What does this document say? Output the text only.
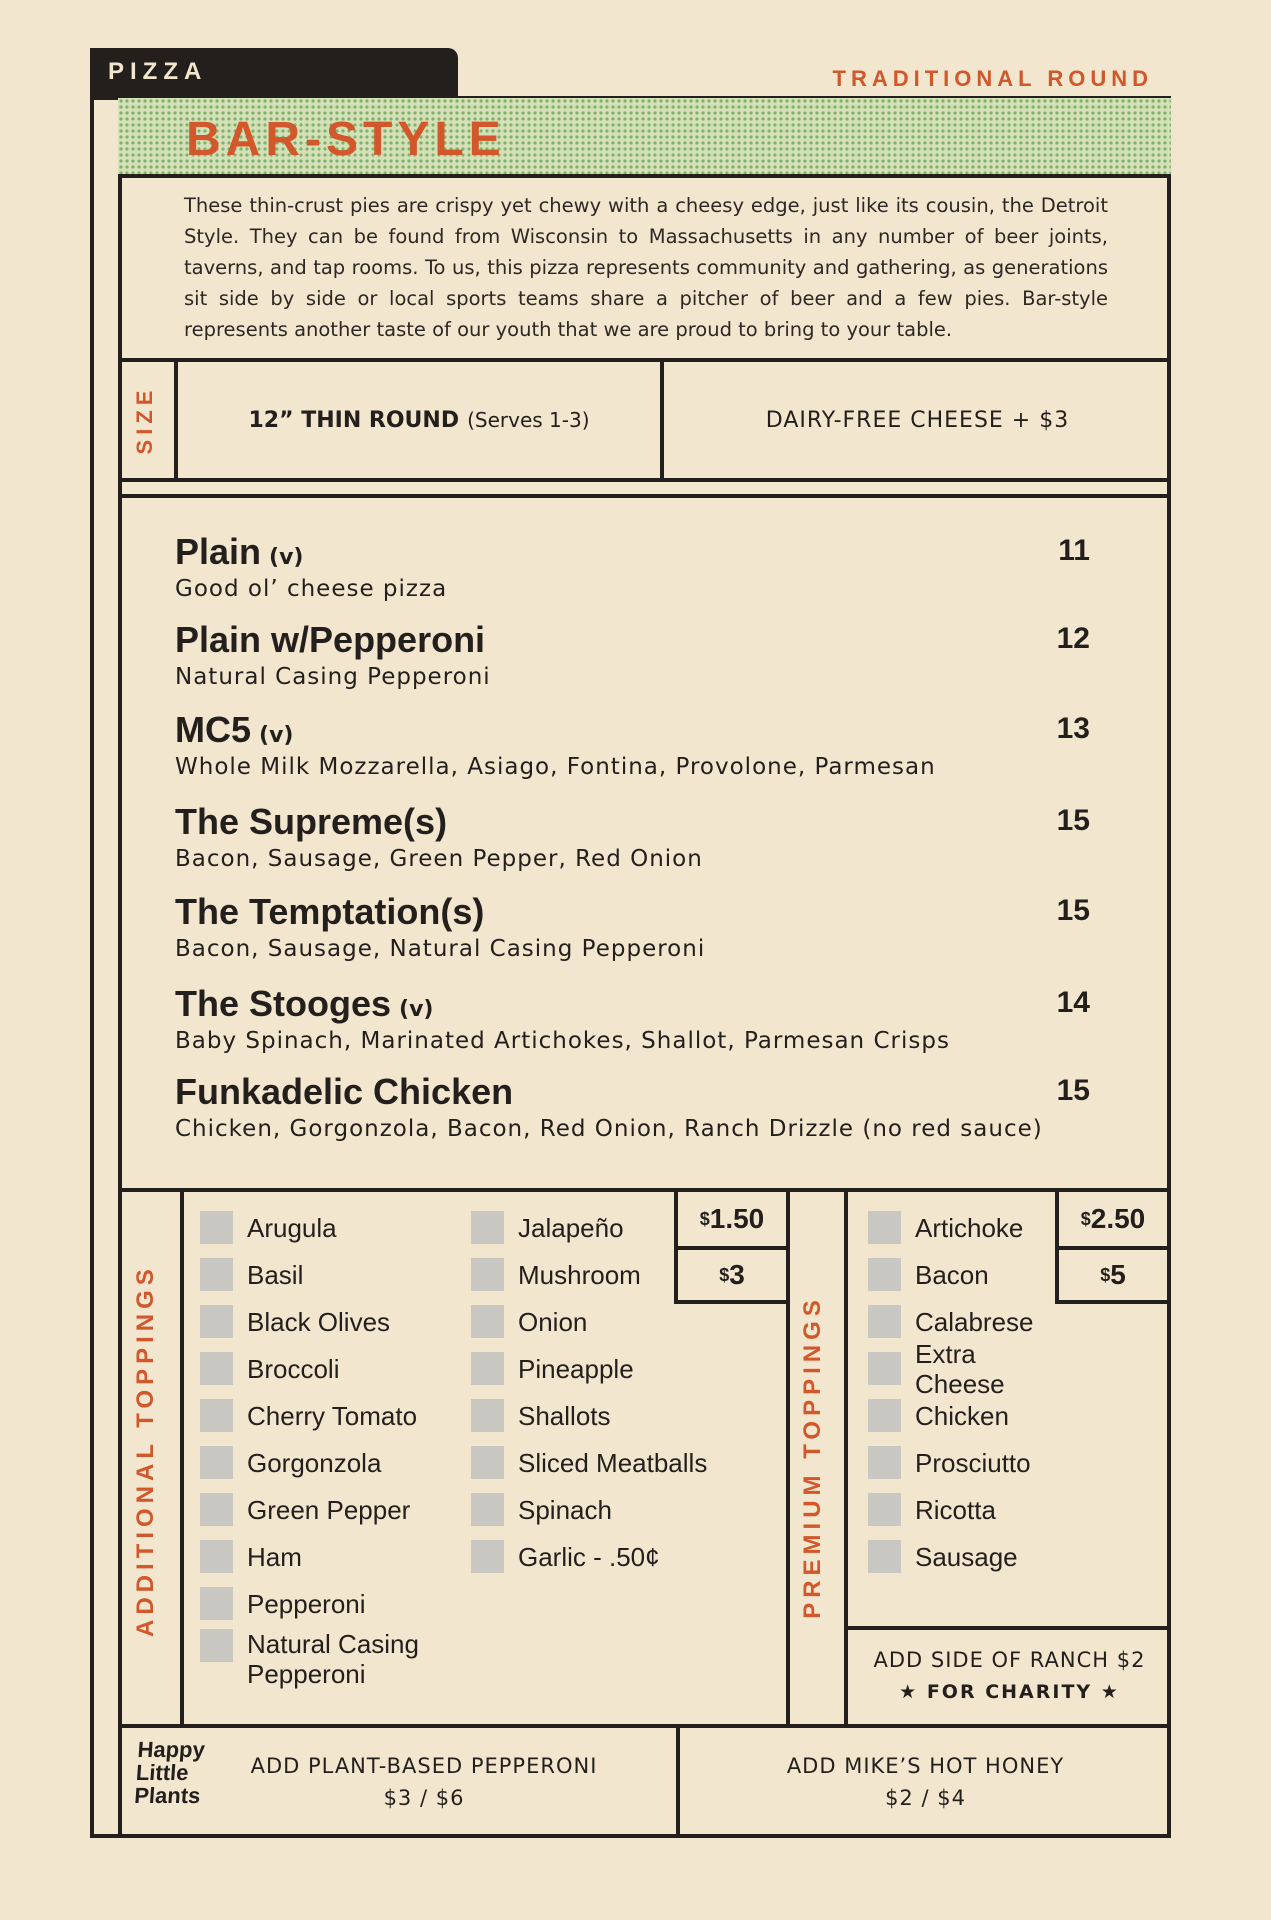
PIZZA	TRADITIONAL ROUND
BAR-STYLE
These thin-crust pies are crispy yet chewy with a cheesy edge, just like its cousin, the Detroit Style. They can be found from Wisconsin to Massachusetts in any number of beer joints, taverns, and tap rooms. To us, this pizza represents community and gathering, as generations sit side by side or local sports teams share a pitcher of beer and a few pies. Bar-style represents another taste of our youth that we are proud to bring to your table.
SIZE	12” THIN ROUND (Serves 1-3)	DAIRY-FREE CHEESE + $3
Plain (v)	11
Good ol’ cheese pizza
Plain w/Pepperoni	12
Natural Casing Pepperoni
MC5 (v)	13
Whole Milk Mozzarella, Asiago, Fontina, Provolone, Parmesan
The Supreme(s)	15
Bacon, Sausage, Green Pepper, Red Onion
The Temptation(s)	15
Bacon, Sausage, Natural Casing Pepperoni
The Stooges (v)	14
Baby Spinach, Marinated Artichokes, Shallot, Parmesan Crisps
Funkadelic Chicken	15
Chicken, Gorgonzola, Bacon, Red Onion, Ranch Drizzle (no red sauce)
ADDITIONAL TOPPINGS
Arugula
Basil
Black Olives
Broccoli
Cherry Tomato
Gorgonzola
Green Pepper
Ham
Pepperoni
Natural Casing Pepperoni
Jalapeño
Mushroom
Onion
Pineapple
Shallots
Sliced Meatballs
Spinach
Garlic - .50¢
$ 1.50
$ 3
PREMIUM TOPPINGS
Artichoke
Bacon
Calabrese
Extra Cheese
Chicken
Prosciutto
Ricotta
Sausage
$ 2.50
$ 5
ADD SIDE OF RANCH $2
★ FOR CHARITY ★
Happy
Little
Plants
ADD PLANT-BASED PEPPERONI
$3 / $6
ADD MIKE’S HOT HONEY
$2 / $4
